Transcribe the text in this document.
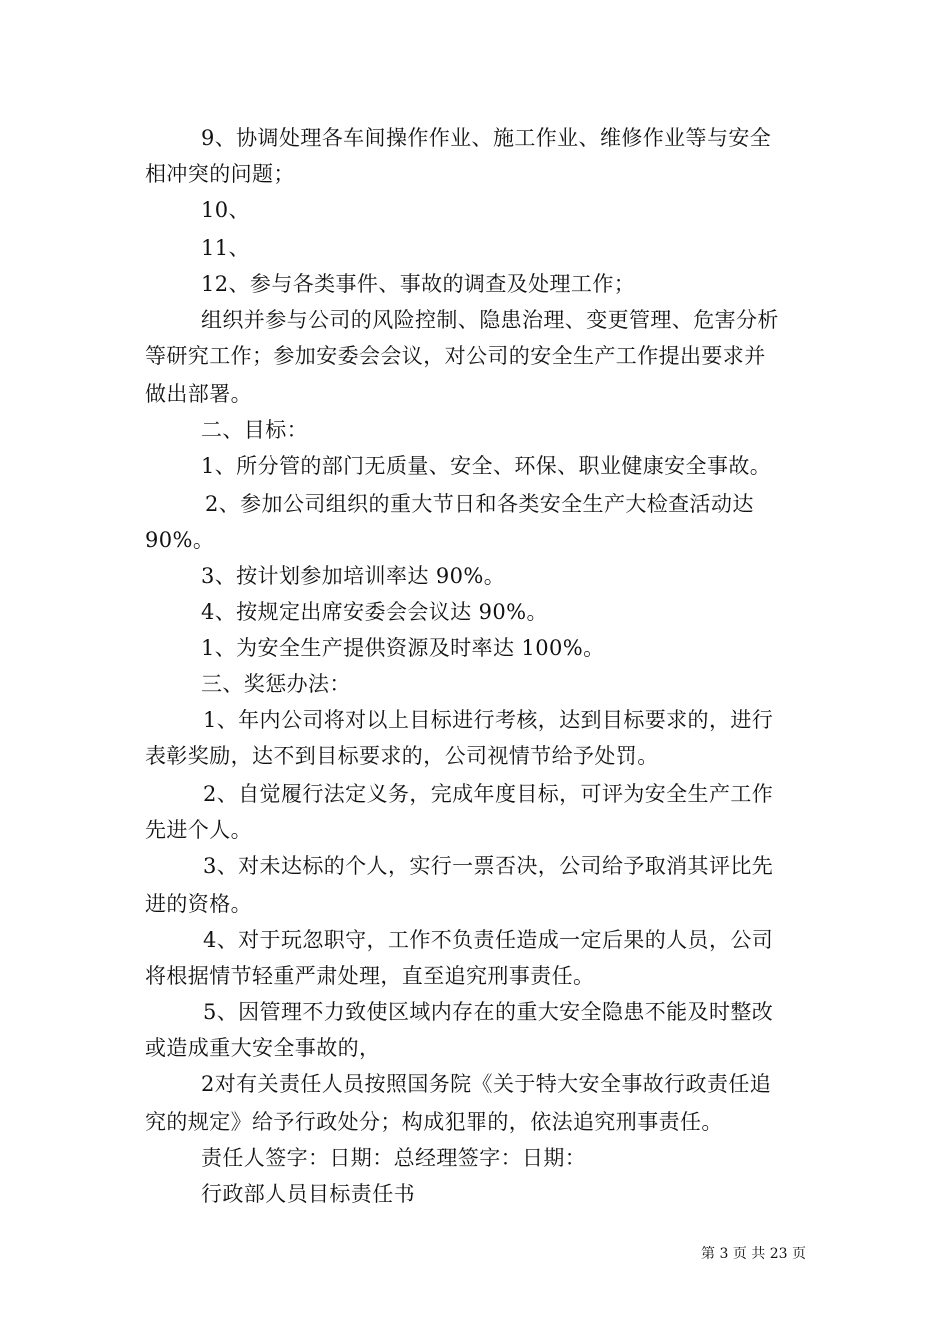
9、协调处理各车间操作作业、施工作业、维修作业等与安全
相冲突的问题；
10、
11、
12、参与各类事件、事故的调查及处理工作；
组织并参与公司的风险控制、隐患治理、变更管理、危害分析
等研究工作；参加安委会会议，对公司的安全生产工作提出要求并
做出部署。
二、目标：
1、所分管的部门无质量、安全、环保、职业健康安全事故。
2、参加公司组织的重大节日和各类安全生产大检查活动达
90%。
3、按计划参加培训率达 90%。
4、按规定出席安委会会议达 90%。
1、为安全生产提供资源及时率达 100%。
三、奖惩办法：
1、年内公司将对以上目标进行考核，达到目标要求的，进行
表彰奖励，达不到目标要求的，公司视情节给予处罚。
2、自觉履行法定义务，完成年度目标，可评为安全生产工作
先进个人。
3、对未达标的个人，实行一票否决，公司给予取消其评比先
进的资格。
4、对于玩忽职守，工作不负责任造成一定后果的人员，公司
将根据情节轻重严肃处理，直至追究刑事责任。
5、因管理不力致使区域内存在的重大安全隐患不能及时整改
或造成重大安全事故的，
2对有关责任人员按照国务院《关于特大安全事故行政责任追
究的规定》给予行政处分；构成犯罪的，依法追究刑事责任。
责任人签字：日期：总经理签字：日期：
行政部人员目标责任书
第 3 页 共 23 页
